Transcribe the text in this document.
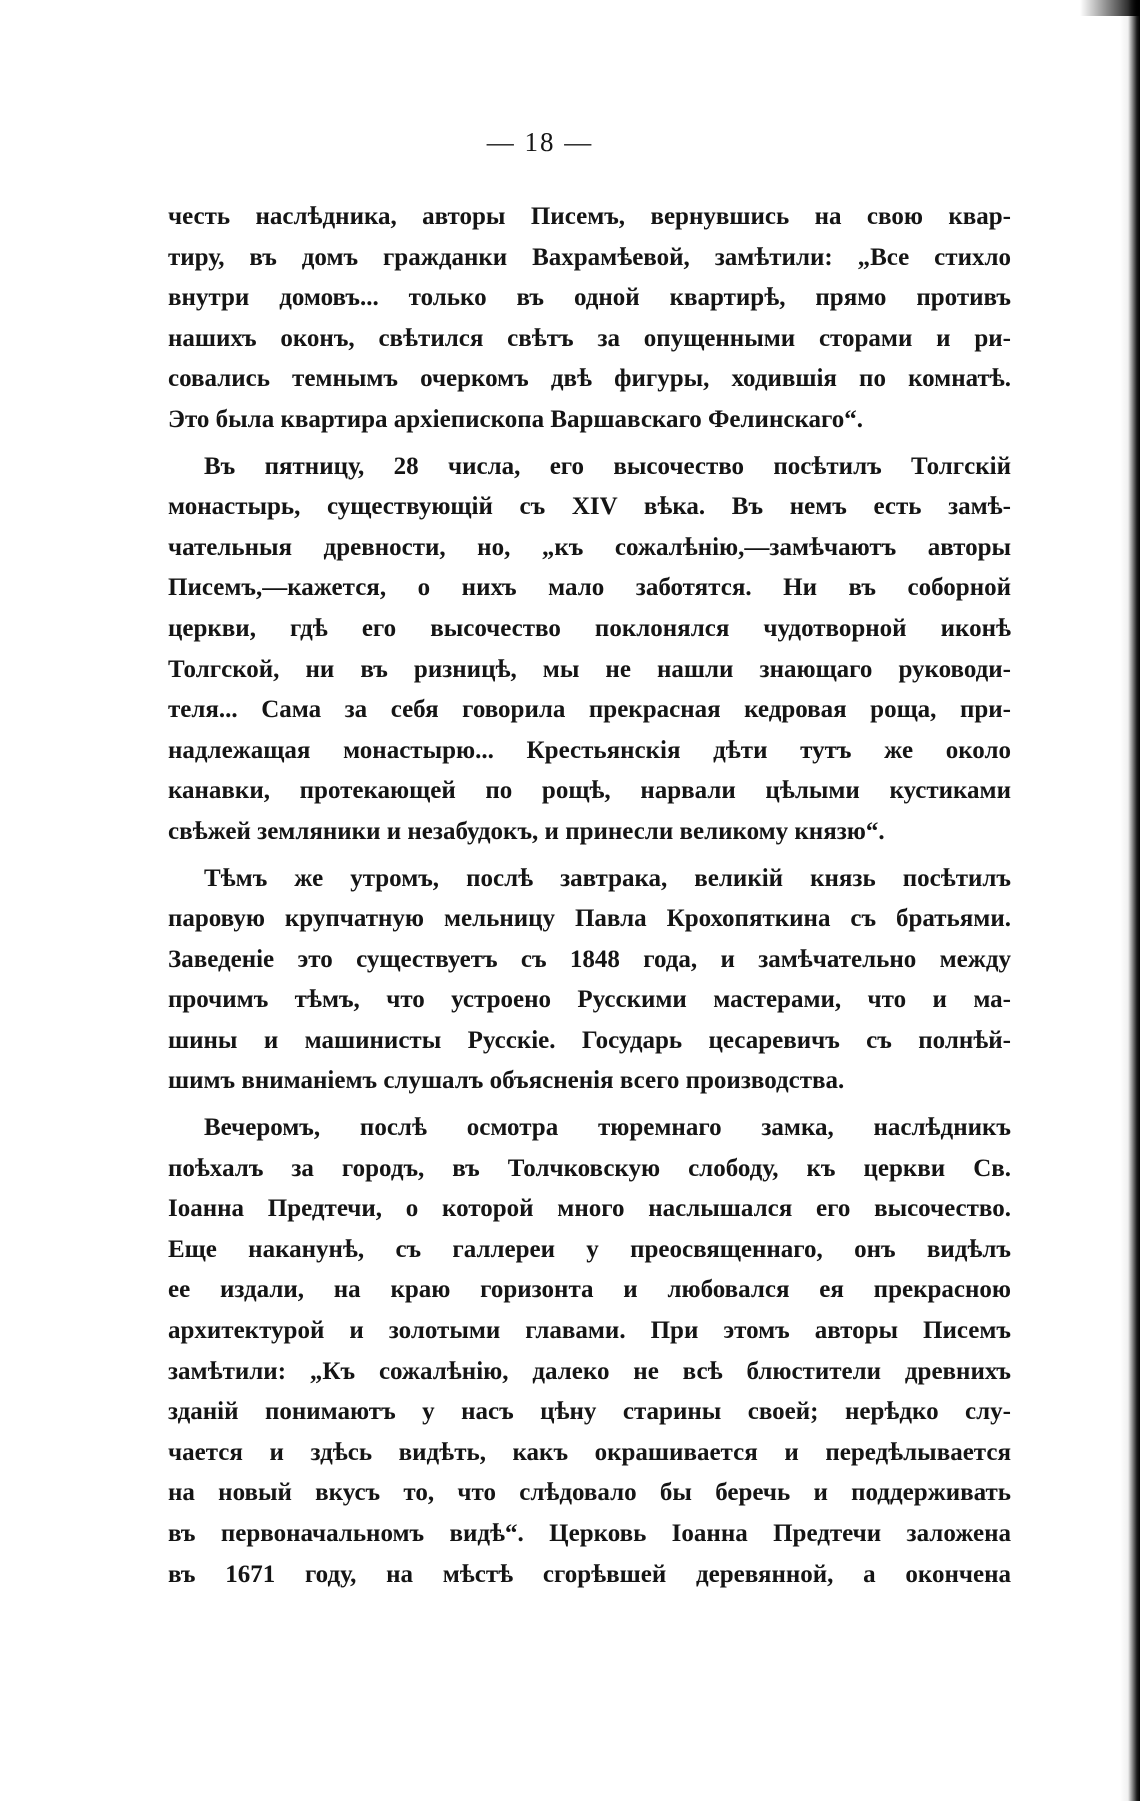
— 18 —
честь наслѣдника, авторы Писемъ, вернувшись на свою квар-
тиру, въ домъ гражданки Вахрамѣевой, замѣтили: „Все стихло
внутри домовъ... только въ одной квартирѣ, прямо противъ
нашихъ оконъ, свѣтился свѣтъ за опущенными сторами и ри-
совались темнымъ очеркомъ двѣ фигуры, ходившія по комнатѣ.
Это была квартира архіепископа Варшавскаго Фелинскаго“.
Въ пятницу, 28 числа, его высочество посѣтилъ Толгскій
монастырь, существующій съ XIV вѣка. Въ немъ есть замѣ-
чательныя древности, но, „къ сожалѣнію,—замѣчаютъ авторы
Писемъ,—кажется, о нихъ мало заботятся. Ни въ соборной
церкви, гдѣ его высочество поклонялся чудотворной иконѣ
Толгской, ни въ ризницѣ, мы не нашли знающаго руководи-
теля... Сама за себя говорила прекрасная кедровая роща, при-
надлежащая монастырю... Крестьянскія дѣти тутъ же около
канавки, протекающей по рощѣ, нарвали цѣлыми кустиками
свѣжей земляники и незабудокъ, и принесли великому князю“.
Тѣмъ же утромъ, послѣ завтрака, великій князь посѣтилъ
паровую крупчатную мельницу Павла Крохопяткина съ братьями.
Заведеніе это существуетъ съ 1848 года, и замѣчательно между
прочимъ тѣмъ, что устроено Русскими мастерами, что и ма-
шины и машинисты Русскіе. Государь цесаревичъ съ полнѣй-
шимъ вниманіемъ слушалъ объясненія всего производства.
Вечеромъ, послѣ осмотра тюремнаго замка, наслѣдникъ
поѣхалъ за городъ, въ Толчковскую слободу, къ церкви Св.
Іоанна Предтечи, о которой много наслышался его высочество.
Еще наканунѣ, съ галлереи у преосвященнаго, онъ видѣлъ
ее издали, на краю горизонта и любовался ея прекрасною
архитектурой и золотыми главами. При этомъ авторы Писемъ
замѣтили: „Къ сожалѣнію, далеко не всѣ блюстители древнихъ
зданій понимаютъ у насъ цѣну старины своей; нерѣдко слу-
чается и здѣсь видѣть, какъ окрашивается и передѣлывается
на новый вкусъ то, что слѣдовало бы беречь и поддерживать
въ первоначальномъ видѣ“. Церковь Іоанна Предтечи заложена
въ 1671 году, на мѣстѣ сгорѣвшей деревянной, а окончена
